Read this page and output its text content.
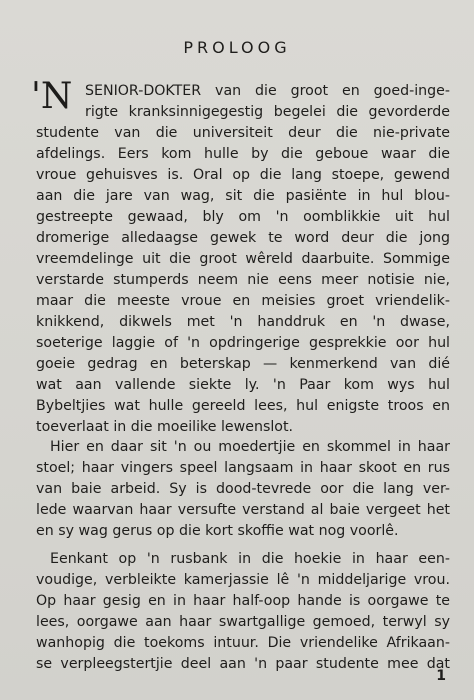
PROLOOG
'N SENIOR-DOKTER van die groot en goed-inge-
rigte kranksinnigegestig begelei die gevorderde
studente van die universiteit deur die nie-private
afdelings. Eers kom hulle by die geboue waar die
vroue gehuisves is. Oral op die lang stoepe, gewend
aan die jare van wag, sit die pasiënte in hul blou-
gestreepte gewaad, bly om 'n oomblikkie uit hul
dromerige alledaagse gewek te word deur die jong
vreemdelinge uit die groot wêreld daarbuite. Sommige
verstarde stumperds neem nie eens meer notisie nie,
maar die meeste vroue en meisies groet vriendelik-
knikkend, dikwels met 'n handdruk en 'n dwase,
soeterige laggie of 'n opdringerige gesprekkie oor hul
goeie gedrag en beterskap — kenmerkend van dié
wat aan vallende siekte ly. 'n Paar kom wys hul
Bybeltjies wat hulle gereeld lees, hul enigste troos en
toeverlaat in die moeilike lewenslot.
Hier en daar sit 'n ou moedertjie en skommel in haar
stoel; haar vingers speel langsaam in haar skoot en rus
van baie arbeid. Sy is dood-tevrede oor die lang ver-
lede waarvan haar versufte verstand al baie vergeet het
en sy wag gerus op die kort skoffie wat nog voorlê.
Eenkant op 'n rusbank in die hoekie in haar een-
voudige, verbleikte kamerjassie lê 'n middeljarige vrou.
Op haar gesig en in haar half-oop hande is oorgawe te
lees, oorgawe aan haar swartgallige gemoed, terwyl sy
wanhopig die toekoms intuur. Die vriendelike Afrikaan-
se verpleegstertjie deel aan 'n paar studente mee dat
1
